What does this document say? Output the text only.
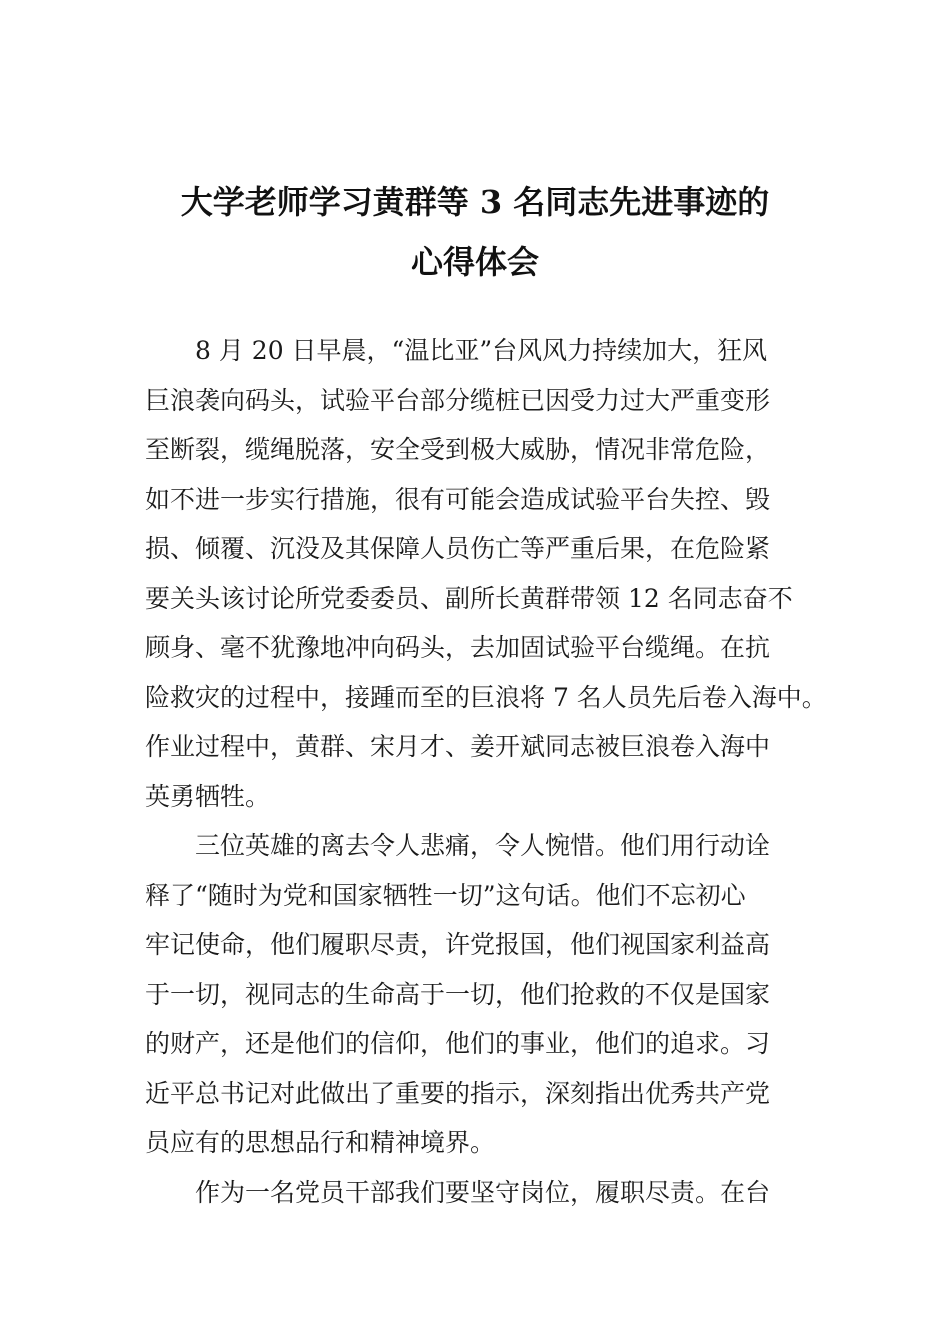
大学老师学习黄群等 3 名同志先进事迹的
心得体会
8 月 20 日早晨，“温比亚”台风风力持续加大，狂风
巨浪袭向码头，试验平台部分缆桩已因受力过大严重变形
至断裂，缆绳脱落，安全受到极大威胁，情况非常危险，
如不进一步实行措施，很有可能会造成试验平台失控、毁
损、倾覆、沉没及其保障人员伤亡等严重后果，在危险紧
要关头该讨论所党委委员、副所长黄群带领 12 名同志奋不
顾身、毫不犹豫地冲向码头，去加固试验平台缆绳。在抗
险救灾的过程中，接踵而至的巨浪将 7 名人员先后卷入海中。
作业过程中，黄群、宋月才、姜开斌同志被巨浪卷入海中
英勇牺牲。
三位英雄的离去令人悲痛，令人惋惜。他们用行动诠
释了“随时为党和国家牺牲一切”这句话。他们不忘初心
牢记使命，他们履职尽责，许党报国，他们视国家利益高
于一切，视同志的生命高于一切，他们抢救的不仅是国家
的财产，还是他们的信仰，他们的事业，他们的追求。习
近平总书记对此做出了重要的指示，深刻指出优秀共产党
员应有的思想品行和精神境界。
作为一名党员干部我们要坚守岗位，履职尽责。在台
